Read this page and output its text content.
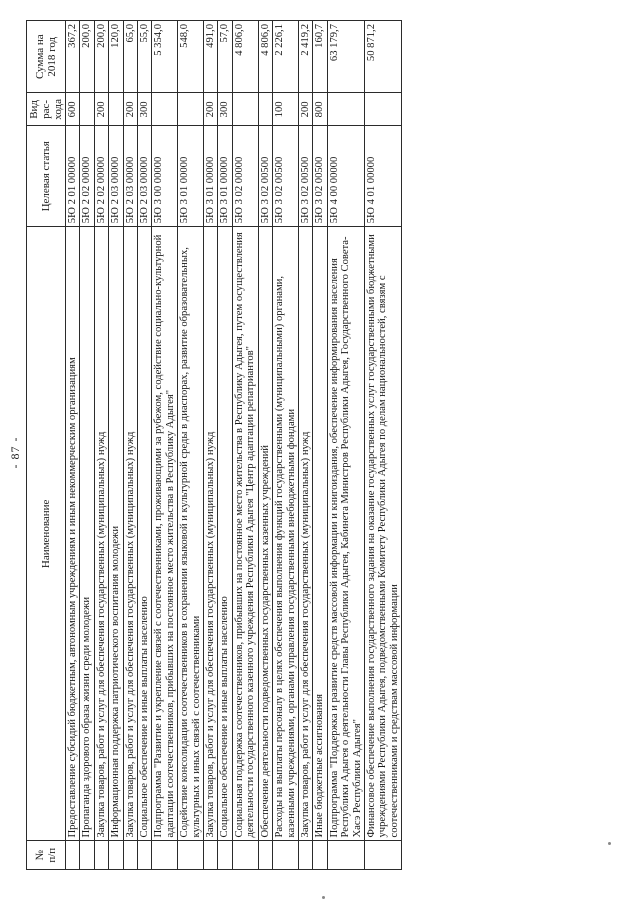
- 87 -
№ п/п	Наименование	Целевая статья	Вид рас-хода	Сумма на 2018 год
	Предоставление субсидий бюджетным, автономным учреждениям и иным некоммерческим организациям	5Ю 2 01 00000	600	367,2
	Пропаганда здорового образа жизни среди молодежи	5Ю 2 02 00000		200,0
	Закупка товаров, работ и услуг для обеспечения государственных (муниципальных) нужд	5Ю 2 02 00000	200	200,0
	Информационная поддержка патриотического воспитания молодежи	5Ю 2 03 00000		120,0
	Закупка товаров, работ и услуг для обеспечения государственных (муниципальных) нужд	5Ю 2 03 00000	200	65,0
	Социальное обеспечение и иные выплаты населению	5Ю 2 03 00000	300	55,0
	Подпрограмма "Развитие и укрепление связей с соотечественниками, проживающими за рубежом, содействие социально-культурной адаптации соотечественников, прибывших на постоянное место жительства в Республику Адыгея"	5Ю 3 00 00000		5 354,0
	Содействие консолидации соотечественников в сохранении языковой и культурной среды в диаспорах, развитие образовательных, культурных и иных связей с соотечественниками	5Ю 3 01 00000		548,0
	Закупка товаров, работ и услуг для обеспечения государственных (муниципальных) нужд	5Ю 3 01 00000	200	491,0
	Социальное обеспечение и иные выплаты населению	5Ю 3 01 00000	300	57,0
	Социальная поддержка соотечественников, прибывших на постоянное место жительства в Республику Адыгея, путем осуществления деятельности государственного казенного учреждения Республики Адыгея "Центр адаптации репатриантов"	5Ю 3 02 00000		4 806,0
	Обеспечение деятельности подведомственных государственных казенных учреждений	5Ю 3 02 00500		4 806,0
	Расходы на выплаты персоналу в целях обеспечения выполнения функций государственными (муниципальными) органами, казенными учреждениями, органами управления государственными внебюджетными фондами	5Ю 3 02 00500	100	2 226,1
	Закупка товаров, работ и услуг для обеспечения государственных (муниципальных) нужд	5Ю 3 02 00500	200	2 419,2
	Иные бюджетные ассигнования	5Ю 3 02 00500	800	160,7
	Подпрограмма "Поддержка и развитие средств массовой информации и книгоиздания, обеспечение информирования населения Республики Адыгея о деятельности Главы Республики Адыгея, Кабинета Министров Республики Адыгея, Государственного Совета-Хасэ Республики Адыгея"	5Ю 4 00 00000		63 179,7
	Финансовое обеспечение выполнения государственного задания на оказание государственных услуг государственными бюджетными учреждениями Республики Адыгея, подведомственными Комитету Республики Адыгея по делам национальностей, связям с соотечественниками и средствам массовой информации	5Ю 4 01 00000		50 871,2
